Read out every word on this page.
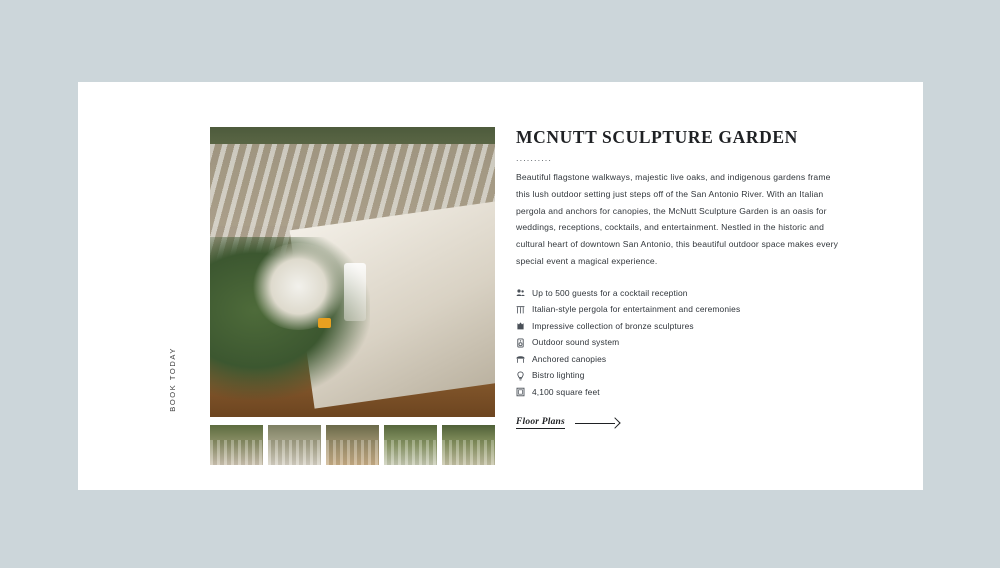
BOOK TODAY
MCNUTT SCULPTURE GARDEN
..........

Beautiful flagstone walkways, majestic live oaks, and indigenous gardens frame this lush outdoor setting just steps off of the San Antonio River. With an Italian pergola and anchors for canopies, the McNutt Sculpture Garden is an oasis for weddings, receptions, cocktails, and entertainment. Nestled in the historic and cultural heart of downtown San Antonio, this beautiful outdoor space makes every special event a magical experience.

Up to 500 guests for a cocktail reception
Italian-style pergola for entertainment and ceremonies
Impressive collection of bronze sculptures
Outdoor sound system
Anchored canopies
Bistro lighting
4,100 square feet
Floor Plans
